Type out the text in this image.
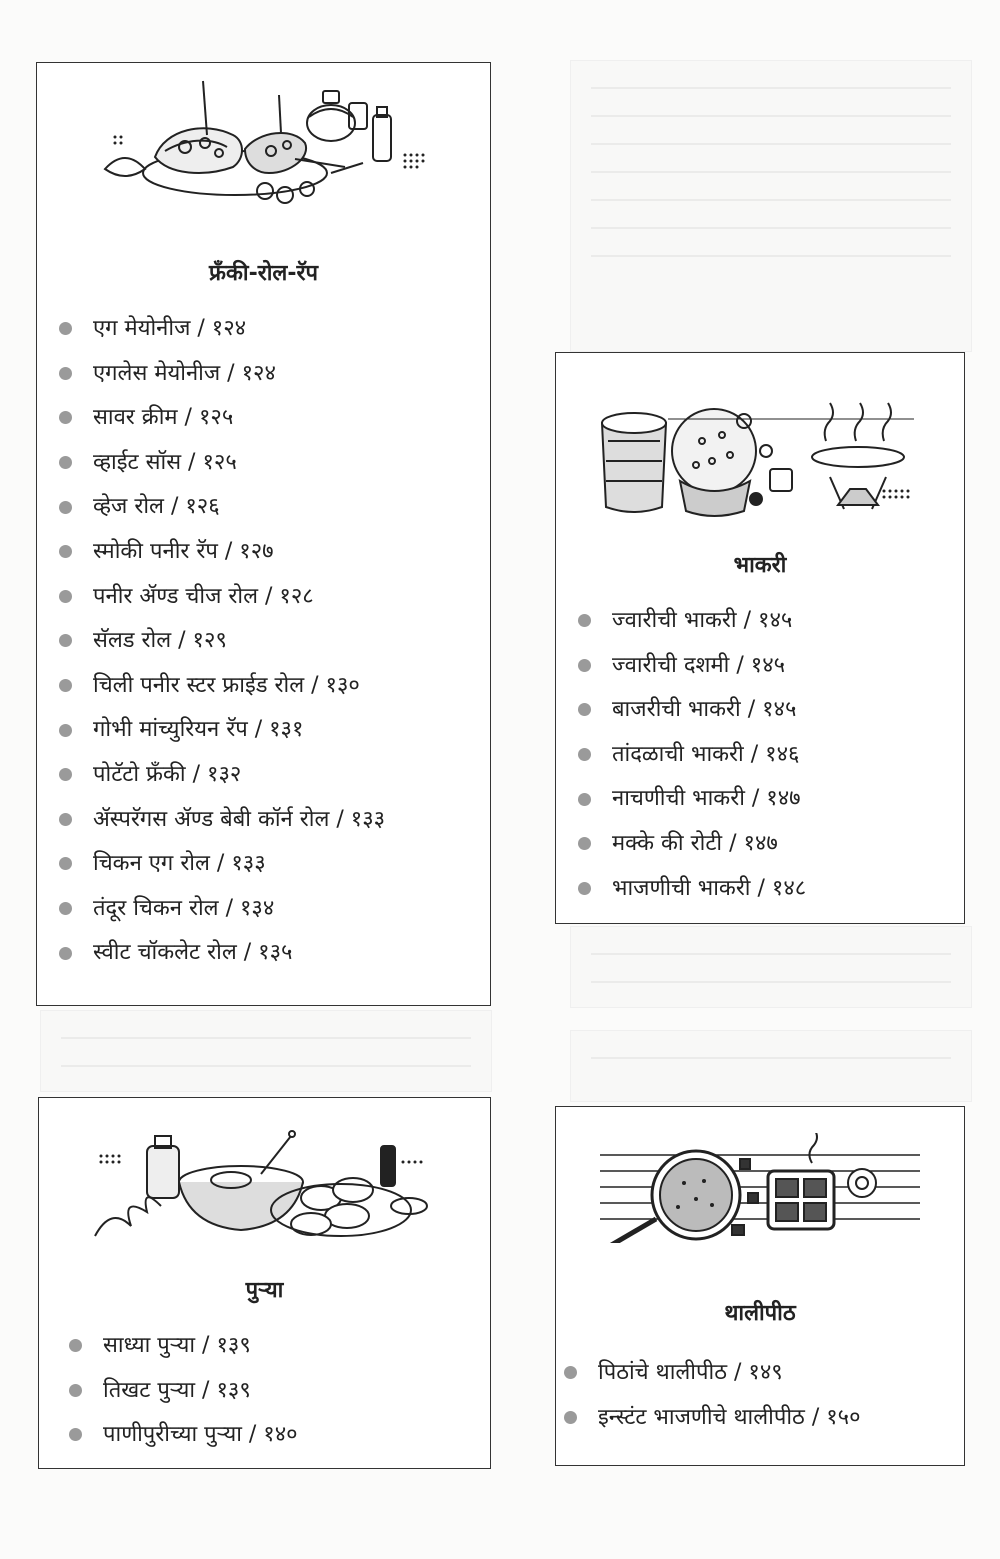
फ्रँकी-रोल-रॅप
एग मेयोनीज / १२४
एगलेस मेयोनीज / १२४
सावर क्रीम / १२५
व्हाईट सॉस / १२५
व्हेज रोल / १२६
स्मोकी पनीर रॅप / १२७
पनीर ॲण्ड चीज रोल / १२८
सॅलड रोल / १२९
चिली पनीर स्टर फ्राईड रोल / १३०
गोभी मांच्युरियन रॅप / १३१
पोटॅटो फ्रँकी / १३२
ॲस्परॅगस ॲण्ड बेबी कॉर्न रोल / १३३
चिकन एग रोल / १३३
तंदूर चिकन रोल / १३४
स्वीट चॉकलेट रोल / १३५
भाकरी
ज्वारीची भाकरी / १४५
ज्वारीची दशमी / १४५
बाजरीची भाकरी / १४५
तांदळाची भाकरी / १४६
नाचणीची भाकरी / १४७
मक्के की रोटी / १४७
भाजणीची भाकरी / १४८
पुऱ्या
साध्या पुऱ्या / १३९
तिखट पुऱ्या / १३९
पाणीपुरीच्या पुऱ्या / १४०
थालीपीठ
पिठांचे थालीपीठ / १४९
इन्स्टंट भाजणीचे थालीपीठ / १५०
